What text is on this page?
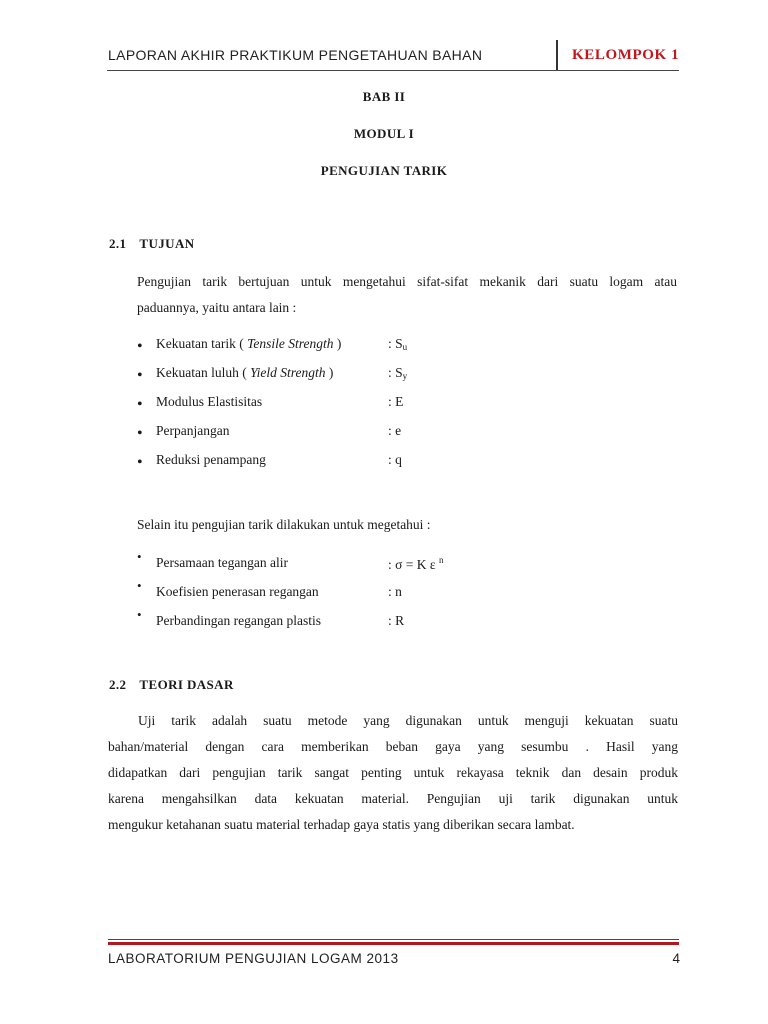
LAPORAN AKHIR PRAKTIKUM PENGETAHUAN BAHAN	KELOMPOK 1
BAB II
MODUL I
PENGUJIAN TARIK
2.1 TUJUAN
Pengujian tarik bertujuan untuk mengetahui sifat-sifat mekanik dari suatu logam atau
paduannya, yaitu antara lain :
• Kekuatan tarik ( Tensile Strength )	: $S_u$
• Kekuatan luluh ( Yield Strength )	: $S_y$
• Modulus Elastisitas	: E
• Perpanjangan	: e
• Reduksi penampang	: q
Selain itu pengujian tarik dilakukan untuk megetahui :
• Persamaan tegangan alir	: σ = K ε $^n$
• Koefisien penerasan regangan	: n
• Perbandingan regangan plastis	: R
2.2 TEORI DASAR
Uji tarik adalah suatu metode yang digunakan untuk menguji kekuatan suatu
bahan/material dengan cara memberikan beban gaya yang sesumbu . Hasil yang
didapatkan dari pengujian tarik sangat penting untuk rekayasa teknik dan desain produk
karena mengahsilkan data kekuatan material. Pengujian uji tarik digunakan untuk
mengukur ketahanan suatu material terhadap gaya statis yang diberikan secara lambat.
LABORATORIUM PENGUJIAN LOGAM 2013	4
